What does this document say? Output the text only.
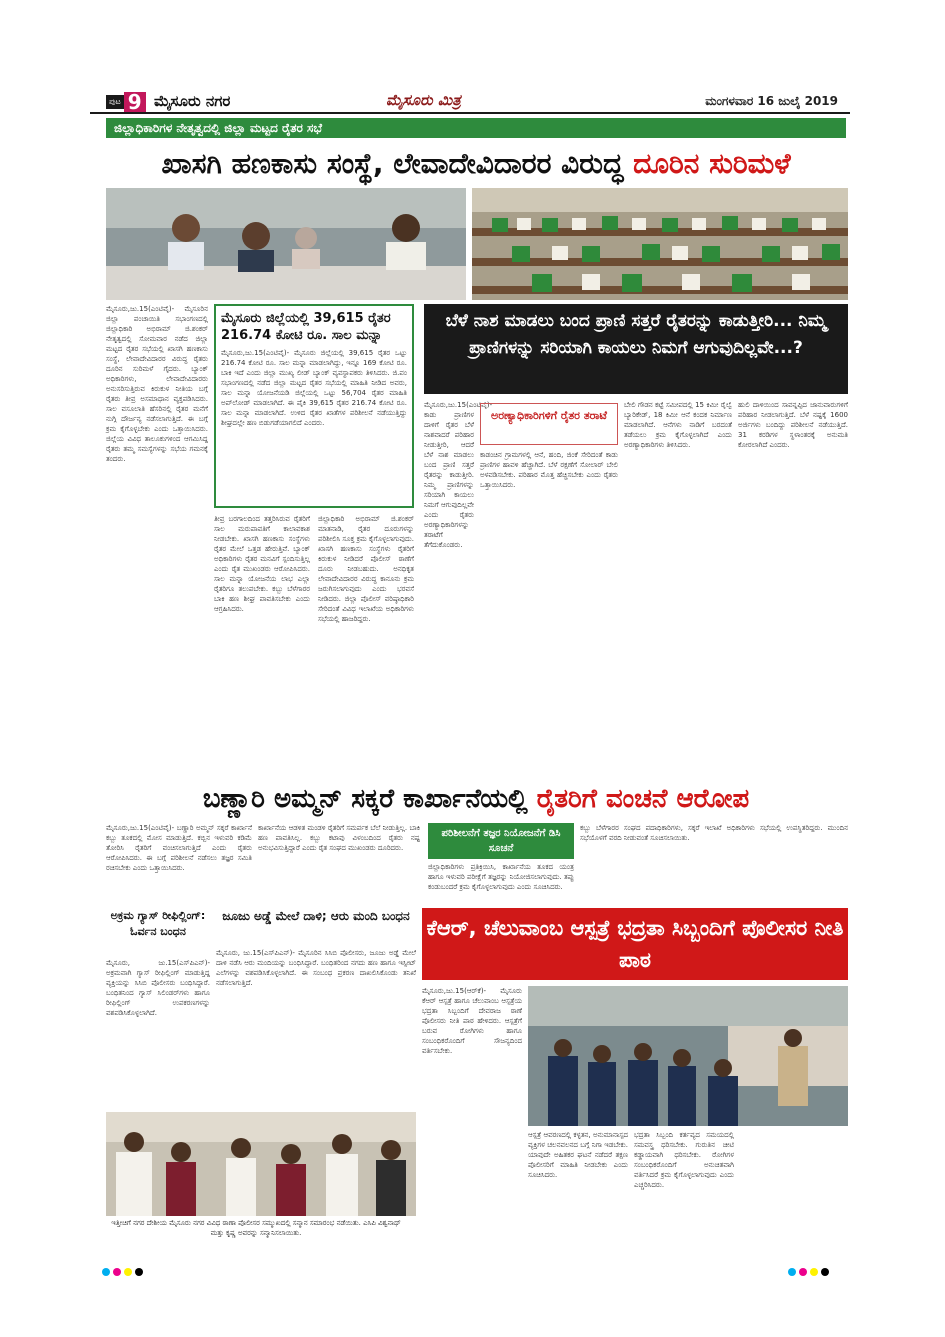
ಪುಟ 9 ಮೈಸೂರು ನಗರ	ಮೈಸೂರು ಮಿತ್ರ	ಮಂಗಳವಾರ 16 ಜುಲೈ 2019
ಜಿಲ್ಲಾಧಿಕಾರಿಗಳ ನೇತೃತ್ವದಲ್ಲಿ ಜಿಲ್ಲಾ ಮಟ್ಟದ ರೈತರ ಸಭೆ
ಖಾಸಗಿ ಹಣಕಾಸು ಸಂಸ್ಥೆ, ಲೇವಾದೇವಿದಾರರ ವಿರುದ್ಧ ದೂರಿನ ಸುರಿಮಳೆ
ಮೈಸೂರು,ಜು.15(ಎಂಟಿವೈ)- ಮೈಸೂರಿನ ಜಿಲ್ಲಾ ಪಂಚಾಯಿತಿ ಸಭಾಂಗಣದಲ್ಲಿ ಜಿಲ್ಲಾಧಿಕಾರಿ ಅಭಿರಾಮ್ ಜಿ.ಶಂಕರ್ ನೇತೃತ್ವದಲ್ಲಿ ಸೋಮವಾರ ನಡೆದ ಜಿಲ್ಲಾ ಮಟ್ಟದ ರೈತರ ಸಭೆಯಲ್ಲಿ ಖಾಸಗಿ ಹಣಕಾಸು ಸಂಸ್ಥೆ, ಲೇವಾದೇವಿದಾರರ ವಿರುದ್ಧ ರೈತರು ದೂರಿನ ಸುರಿಮಳೆ ಗೈದರು. ಬ್ಯಾಂಕ್ ಅಧಿಕಾರಿಗಳು, ಲೇವಾದೇವಿದಾರರು ಅನುಸರಿಸುತ್ತಿರುವ ಕಿರುಕುಳ ನೀತಿಯ ಬಗ್ಗೆ ರೈತರು ತೀವ್ರ ಅಸಮಾಧಾನ ವ್ಯಕ್ತಪಡಿಸಿದರು. ಸಾಲ ವಸೂಲಾತಿ ಹೆಸರಿನಲ್ಲಿ ರೈತರ ಮನೆಗೆ ನುಗ್ಗಿ ದೌರ್ಜನ್ಯ ನಡೆಸಲಾಗುತ್ತಿದೆ. ಈ ಬಗ್ಗೆ ಕ್ರಮ ಕೈಗೊಳ್ಳಬೇಕು ಎಂದು ಒತ್ತಾಯಿಸಿದರು. ಜಿಲ್ಲೆಯ ವಿವಿಧ ತಾಲೂಕುಗಳಿಂದ ಆಗಮಿಸಿದ್ದ ರೈತರು ತಮ್ಮ ಸಮಸ್ಯೆಗಳನ್ನು ಸಭೆಯ ಗಮನಕ್ಕೆ ತಂದರು.
ತೀವ್ರ ಬರಗಾಲದಿಂದ ತತ್ತರಿಸಿರುವ ರೈತರಿಗೆ ಸಾಲ ಮರುಪಾವತಿಗೆ ಕಾಲಾವಕಾಶ ನೀಡಬೇಕು. ಖಾಸಗಿ ಹಣಕಾಸು ಸಂಸ್ಥೆಗಳು ರೈತರ ಮೇಲೆ ಒತ್ತಡ ಹೇರುತ್ತಿವೆ. ಬ್ಯಾಂಕ್ ಅಧಿಕಾರಿಗಳು ರೈತರ ಮನವಿಗೆ ಸ್ಪಂದಿಸುತ್ತಿಲ್ಲ ಎಂದು ರೈತ ಮುಖಂಡರು ಆರೋಪಿಸಿದರು. ಸಾಲ ಮನ್ನಾ ಯೋಜನೆಯ ಲಾಭ ಎಲ್ಲಾ ರೈತರಿಗೂ ತಲುಪಬೇಕು. ಕಬ್ಬು ಬೆಳೆಗಾರರ ಬಾಕಿ ಹಣ ಶೀಘ್ರ ಪಾವತಿಸಬೇಕು ಎಂದು ಆಗ್ರಹಿಸಿದರು.
ಜಿಲ್ಲಾಧಿಕಾರಿ ಅಭಿರಾಮ್ ಜಿ.ಶಂಕರ್ ಮಾತನಾಡಿ, ರೈತರ ದೂರುಗಳನ್ನು ಪರಿಶೀಲಿಸಿ ಸೂಕ್ತ ಕ್ರಮ ಕೈಗೊಳ್ಳಲಾಗುವುದು. ಖಾಸಗಿ ಹಣಕಾಸು ಸಂಸ್ಥೆಗಳು ರೈತರಿಗೆ ಕಿರುಕುಳ ನೀಡಿದರೆ ಪೊಲೀಸ್ ಠಾಣೆಗೆ ದೂರು ನೀಡಬಹುದು. ಅನಧಿಕೃತ ಲೇವಾದೇವಿದಾರರ ವಿರುದ್ಧ ಕಾನೂನು ಕ್ರಮ ಜರುಗಿಸಲಾಗುವುದು ಎಂದು ಭರವಸೆ ನೀಡಿದರು. ಜಿಲ್ಲಾ ಪೊಲೀಸ್ ವರಿಷ್ಠಾಧಿಕಾರಿ ಸೇರಿದಂತೆ ವಿವಿಧ ಇಲಾಖೆಯ ಅಧಿಕಾರಿಗಳು ಸಭೆಯಲ್ಲಿ ಹಾಜರಿದ್ದರು.
ಮೈಸೂರು ಜಿಲ್ಲೆಯಲ್ಲಿ 39,615 ರೈತರ 216.74 ಕೋಟಿ ರೂ. ಸಾಲ ಮನ್ನಾ
ಮೈಸೂರು,ಜು.15(ಎಂಟಿವೈ)- ಮೈಸೂರು ಜಿಲ್ಲೆಯಲ್ಲಿ 39,615 ರೈತರ ಒಟ್ಟು 216.74 ಕೋಟಿ ರೂ. ಸಾಲ ಮನ್ನಾ ಮಾಡಲಾಗಿದ್ದು, ಇನ್ನೂ 169 ಕೋಟಿ ರೂ. ಬಾಕಿ ಇದೆ ಎಂದು ಜಿಲ್ಲಾ ಮುಖ್ಯ ಲೀಡ್ ಬ್ಯಾಂಕ್ ವ್ಯವಸ್ಥಾಪಕರು ತಿಳಿಸಿದರು. ಜಿ.ಪಂ ಸಭಾಂಗಣದಲ್ಲಿ ನಡೆದ ಜಿಲ್ಲಾ ಮಟ್ಟದ ರೈತರ ಸಭೆಯಲ್ಲಿ ಮಾಹಿತಿ ನೀಡಿದ ಅವರು, ಸಾಲ ಮನ್ನಾ ಯೋಜನೆಯಡಿ ಜಿಲ್ಲೆಯಲ್ಲಿ ಒಟ್ಟು 56,704 ರೈತರ ಮಾಹಿತಿ ಅಪ್‌ಲೋಡ್ ಮಾಡಲಾಗಿದೆ. ಈ ಪೈಕಿ 39,615 ರೈತರ 216.74 ಕೋಟಿ ರೂ. ಸಾಲ ಮನ್ನಾ ಮಾಡಲಾಗಿದೆ. ಉಳಿದ ರೈತರ ಖಾತೆಗಳ ಪರಿಶೀಲನೆ ನಡೆಯುತ್ತಿದ್ದು ಶೀಘ್ರದಲ್ಲೇ ಹಣ ಬಿಡುಗಡೆಯಾಗಲಿದೆ ಎಂದರು.
ಬೆಳೆ ನಾಶ ಮಾಡಲು ಬಂದ ಪ್ರಾಣಿ ಸತ್ತರೆ ರೈತರನ್ನು ಕಾಡುತ್ತೀರಿ... ನಿಮ್ಮ ಪ್ರಾಣಿಗಳನ್ನು ಸರಿಯಾಗಿ ಕಾಯಲು ನಿಮಗೆ ಆಗುವುದಿಲ್ಲವೇ...?
ಮೈಸೂರು,ಜು.15(ಎಂಟಿವೈ)- ಕಾಡು ಪ್ರಾಣಿಗಳ ದಾಳಿಗೆ ರೈತರ ಬೆಳೆ ನಾಶವಾದರೆ ಪರಿಹಾರ ನೀಡುತ್ತೀರಿ, ಆದರೆ ಬೆಳೆ ನಾಶ ಮಾಡಲು ಬಂದ ಪ್ರಾಣಿ ಸತ್ತರೆ ರೈತರನ್ನು ಕಾಡುತ್ತೀರಿ. ನಿಮ್ಮ ಪ್ರಾಣಿಗಳನ್ನು ಸರಿಯಾಗಿ ಕಾಯಲು ನಿಮಗೆ ಆಗುವುದಿಲ್ಲವೇ ಎಂದು ರೈತರು ಅರಣ್ಯಾಧಿಕಾರಿಗಳನ್ನು ತರಾಟೆಗೆ ತೆಗೆದುಕೊಂಡರು.
ಅರಣ್ಯಾಧಿಕಾರಿಗಳಿಗೆ ರೈತರ ತರಾಟೆ
ಕಾಡಂಚಿನ ಗ್ರಾಮಗಳಲ್ಲಿ ಆನೆ, ಹಂದಿ, ಜಿಂಕೆ ಸೇರಿದಂತೆ ಕಾಡು ಪ್ರಾಣಿಗಳ ಹಾವಳಿ ಹೆಚ್ಚಾಗಿದೆ. ಬೆಳೆ ರಕ್ಷಣೆಗೆ ಸೋಲಾರ್ ಬೇಲಿ ಅಳವಡಿಸಬೇಕು. ಪರಿಹಾರ ಮೊತ್ತ ಹೆಚ್ಚಿಸಬೇಕು ಎಂದು ರೈತರು ಒತ್ತಾಯಿಸಿದರು.
ಬೇಲಿ ಗೌಡನ ಕಟ್ಟೆ ಸಮೀಪದಲ್ಲಿ 15 ಕಿಮೀ ರೈಲ್ವೆ ಬ್ಯಾರಿಕೇಡ್, 18 ಕಿಮೀ ಆನೆ ಕಂದಕ ನಿರ್ಮಾಣ ಮಾಡಲಾಗಿದೆ. ಆನೆಗಳು ನಾಡಿಗೆ ಬರದಂತೆ ತಡೆಯಲು ಕ್ರಮ ಕೈಗೊಳ್ಳಲಾಗಿದೆ ಎಂದು ಅರಣ್ಯಾಧಿಕಾರಿಗಳು ತಿಳಿಸಿದರು.
ಹುಲಿ ದಾಳಿಯಿಂದ ಸಾವನ್ನಪ್ಪಿದ ಜಾನುವಾರುಗಳಿಗೆ ಪರಿಹಾರ ನೀಡಲಾಗುತ್ತಿದೆ. ಬೆಳೆ ನಷ್ಟಕ್ಕೆ 1600 ಅರ್ಜಿಗಳು ಬಂದಿದ್ದು ಪರಿಶೀಲನೆ ನಡೆಯುತ್ತಿದೆ. 31 ಕರಡಿಗಳ ಸ್ಥಳಾಂತರಕ್ಕೆ ಅನುಮತಿ ಕೋರಲಾಗಿದೆ ಎಂದರು.
ಬಣ್ಣಾರಿ ಅಮ್ಮನ್ ಸಕ್ಕರೆ ಕಾರ್ಖಾನೆಯಲ್ಲಿ ರೈತರಿಗೆ ವಂಚನೆ ಆರೋಪ
ಮೈಸೂರು,ಜು.15(ಎಂಟಿವೈ)- ಬಣ್ಣಾರಿ ಅಮ್ಮನ್ ಸಕ್ಕರೆ ಕಾರ್ಖಾನೆ ಕಬ್ಬು ತೂಕದಲ್ಲಿ ಮೋಸ ಮಾಡುತ್ತಿದೆ. ಕಬ್ಬಿನ ಇಳುವರಿ ಕಡಿಮೆ ತೋರಿಸಿ ರೈತರಿಗೆ ವಂಚಿಸಲಾಗುತ್ತಿದೆ ಎಂದು ರೈತರು ಆರೋಪಿಸಿದರು. ಈ ಬಗ್ಗೆ ಪರಿಶೀಲನೆ ನಡೆಸಲು ತಜ್ಞರ ಸಮಿತಿ ರಚಿಸಬೇಕು ಎಂದು ಒತ್ತಾಯಿಸಿದರು.
ಕಾರ್ಖಾನೆಯ ಆಡಳಿತ ಮಂಡಳಿ ರೈತರಿಗೆ ಸಮರ್ಪಕ ಬೆಲೆ ನೀಡುತ್ತಿಲ್ಲ. ಬಾಕಿ ಹಣ ಪಾವತಿಸಿಲ್ಲ. ಕಬ್ಬು ಕಟಾವು ವಿಳಂಬದಿಂದ ರೈತರು ನಷ್ಟ ಅನುಭವಿಸುತ್ತಿದ್ದಾರೆ ಎಂದು ರೈತ ಸಂಘದ ಮುಖಂಡರು ದೂರಿದರು.
ಪರಿಶೀಲನೆಗೆ ತಜ್ಞರ ನಿಯೋಜನೆಗೆ ಡಿಸಿ ಸೂಚನೆ
ಜಿಲ್ಲಾಧಿಕಾರಿಗಳು ಪ್ರತಿಕ್ರಿಯಿಸಿ, ಕಾರ್ಖಾನೆಯ ತೂಕದ ಯಂತ್ರ ಹಾಗೂ ಇಳುವರಿ ಪರೀಕ್ಷೆಗೆ ತಜ್ಞರನ್ನು ನಿಯೋಜಿಸಲಾಗುವುದು. ತಪ್ಪು ಕಂಡುಬಂದರೆ ಕ್ರಮ ಕೈಗೊಳ್ಳಲಾಗುವುದು ಎಂದು ಸೂಚಿಸಿದರು.
ಕಬ್ಬು ಬೆಳೆಗಾರರ ಸಂಘದ ಪದಾಧಿಕಾರಿಗಳು, ಸಕ್ಕರೆ ಇಲಾಖೆ ಅಧಿಕಾರಿಗಳು ಸಭೆಯಲ್ಲಿ ಉಪಸ್ಥಿತರಿದ್ದರು. ಮುಂದಿನ ಸಭೆಯೊಳಗೆ ವರದಿ ನೀಡುವಂತೆ ಸೂಚಿಸಲಾಯಿತು.
ಅಕ್ರಮ ಗ್ಯಾಸ್ ರೀಫಿಲ್ಲಿಂಗ್: ಓರ್ವನ ಬಂಧನ
ಮೈಸೂರು, ಜು.15(ಎಸ್‌ಪಿಎನ್)- ಅಕ್ರಮವಾಗಿ ಗ್ಯಾಸ್ ರೀಫಿಲ್ಲಿಂಗ್ ಮಾಡುತ್ತಿದ್ದ ವ್ಯಕ್ತಿಯನ್ನು ಸಿಸಿಬಿ ಪೊಲೀಸರು ಬಂಧಿಸಿದ್ದಾರೆ. ಬಂಧಿತನಿಂದ ಗ್ಯಾಸ್ ಸಿಲಿಂಡರ್‌ಗಳು ಹಾಗೂ ರೀಫಿಲ್ಲಿಂಗ್ ಉಪಕರಣಗಳನ್ನು ವಶಪಡಿಸಿಕೊಳ್ಳಲಾಗಿದೆ.
ಜೂಜು ಅಡ್ಡೆ ಮೇಲೆ ದಾಳಿ; ಆರು ಮಂದಿ ಬಂಧನ
ಮೈಸೂರು, ಜು.15(ಎಸ್‌ಪಿಎನ್)- ಮೈಸೂರಿನ ಸಿಸಿಬಿ ಪೊಲೀಸರು, ಜೂಜು ಅಡ್ಡೆ ಮೇಲೆ ದಾಳಿ ನಡೆಸಿ ಆರು ಮಂದಿಯನ್ನು ಬಂಧಿಸಿದ್ದಾರೆ. ಬಂಧಿತರಿಂದ ನಗದು ಹಣ ಹಾಗೂ ಇಸ್ಪೀಟ್ ಎಲೆಗಳನ್ನು ವಶಪಡಿಸಿಕೊಳ್ಳಲಾಗಿದೆ. ಈ ಸಂಬಂಧ ಪ್ರಕರಣ ದಾಖಲಿಸಿಕೊಂಡು ತನಿಖೆ ನಡೆಸಲಾಗುತ್ತಿದೆ.
ಕೆಆರ್, ಚೆಲುವಾಂಬ ಆಸ್ಪತ್ರೆ ಭದ್ರತಾ ಸಿಬ್ಬಂದಿಗೆ ಪೊಲೀಸರ ನೀತಿ ಪಾಠ
ಮೈಸೂರು,ಜು.15(ಆರ್‌ಕೆ)- ಮೈಸೂರು ಕೆಆರ್ ಆಸ್ಪತ್ರೆ ಹಾಗೂ ಚೆಲುವಾಂಬ ಆಸ್ಪತ್ರೆಯ ಭದ್ರತಾ ಸಿಬ್ಬಂದಿಗೆ ದೇವರಾಜ ಠಾಣೆ ಪೊಲೀಸರು ನೀತಿ ಪಾಠ ಹೇಳಿದರು. ಆಸ್ಪತ್ರೆಗೆ ಬರುವ ರೋಗಿಗಳು ಹಾಗೂ ಸಂಬಂಧಿಕರೊಂದಿಗೆ ಸೌಜನ್ಯದಿಂದ ವರ್ತಿಸಬೇಕು.
ಆಸ್ಪತ್ರೆ ಆವರಣದಲ್ಲಿ ಕಳ್ಳತನ, ಅನುಮಾನಾಸ್ಪದ ವ್ಯಕ್ತಿಗಳ ಚಲನವಲನದ ಬಗ್ಗೆ ನಿಗಾ ಇಡಬೇಕು. ಯಾವುದೇ ಅಹಿತಕರ ಘಟನೆ ನಡೆದರೆ ತಕ್ಷಣ ಪೊಲೀಸರಿಗೆ ಮಾಹಿತಿ ನೀಡಬೇಕು ಎಂದು ಸೂಚಿಸಿದರು.
ಭದ್ರತಾ ಸಿಬ್ಬಂದಿ ಕರ್ತವ್ಯದ ಸಮಯದಲ್ಲಿ ಸಮವಸ್ತ್ರ ಧರಿಸಬೇಕು. ಗುರುತಿನ ಚೀಟಿ ಕಡ್ಡಾಯವಾಗಿ ಧರಿಸಬೇಕು. ರೋಗಿಗಳ ಸಂಬಂಧಿಕರೊಂದಿಗೆ ಅನುಚಿತವಾಗಿ ವರ್ತಿಸಿದರೆ ಕ್ರಮ ಕೈಗೊಳ್ಳಲಾಗುವುದು ಎಂದು ಎಚ್ಚರಿಸಿದರು.
ಇತ್ತೀಚಿಗೆ ನಗರ ದೇಶೀಯ ಮೈಸೂರು ನಗರ ವಿವಿಧ ಠಾಣಾ ಪೊಲೀಸರ ಸಮ್ಮುಖದಲ್ಲಿ ಸನ್ಮಾನ ಸಮಾರಂಭ ನಡೆಯಿತು. ಎಸಿಪಿ ವಿಶ್ವನಾಥ್ ಮತ್ತು ಕೃಷ್ಣ ಅವರನ್ನು ಸನ್ಮಾನಿಸಲಾಯಿತು.
